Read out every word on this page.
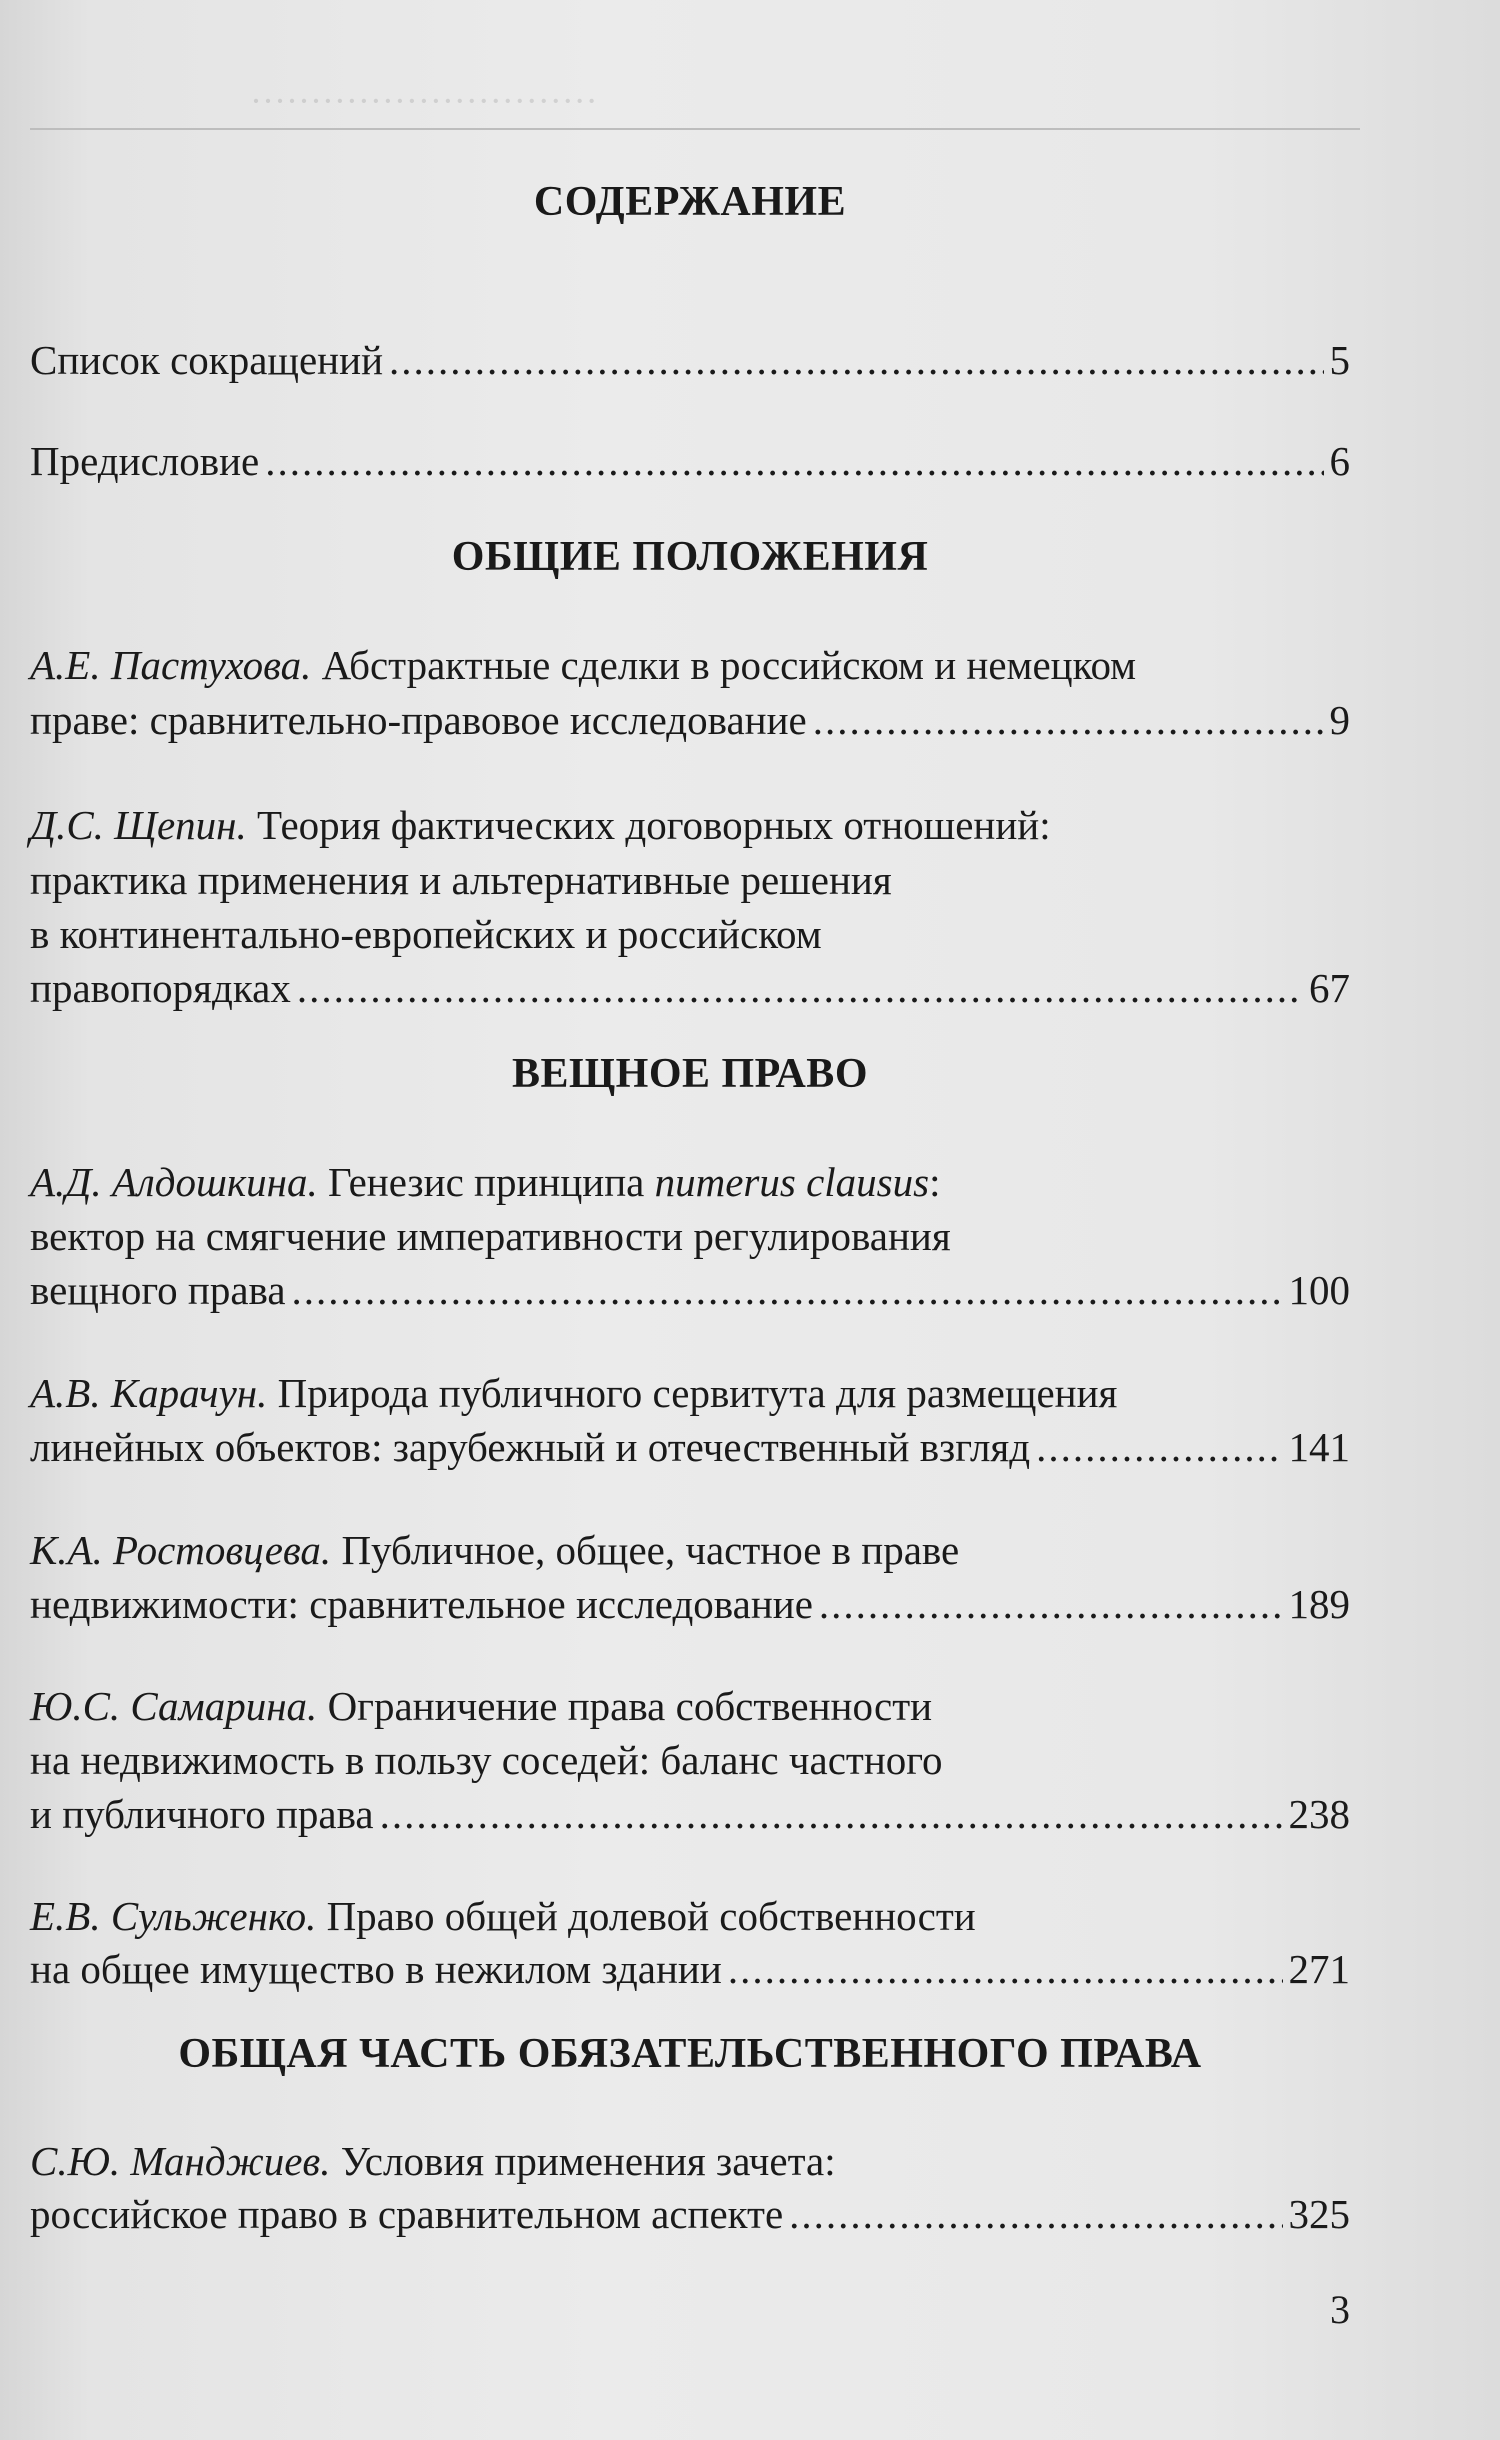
·····························
СОДЕРЖАНИЕ
Список сокращений .....	5
Предисловие .....	6
ОБЩИЕ ПОЛОЖЕНИЯ
А.Е. Пастухова. Абстрактные сделки в российском и немецком
праве: сравнительно-правовое исследование .....	9
Д.С. Щепин. Теория фактических договорных отношений:
практика применения и альтернативные решения
в континентально-европейских и российском
правопорядках .....	67
ВЕЩНОЕ ПРАВО
А.Д. Алдошкина. Генезис принципа numerus clausus:
вектор на смягчение императивности регулирования
вещного права .....	100
А.В. Карачун. Природа публичного сервитута для размещения
линейных объектов: зарубежный и отечественный взгляд .....	141
К.А. Ростовцева. Публичное, общее, частное в праве
недвижимости: сравнительное исследование .....	189
Ю.С. Самарина. Ограничение права собственности
на недвижимость в пользу соседей: баланс частного
и публичного права .....	238
Е.В. Сульженко. Право общей долевой собственности
на общее имущество в нежилом здании .....	271
ОБЩАЯ ЧАСТЬ ОБЯЗАТЕЛЬСТВЕННОГО ПРАВА
С.Ю. Манджиев. Условия применения зачета:
российское право в сравнительном аспекте .....	325
3
